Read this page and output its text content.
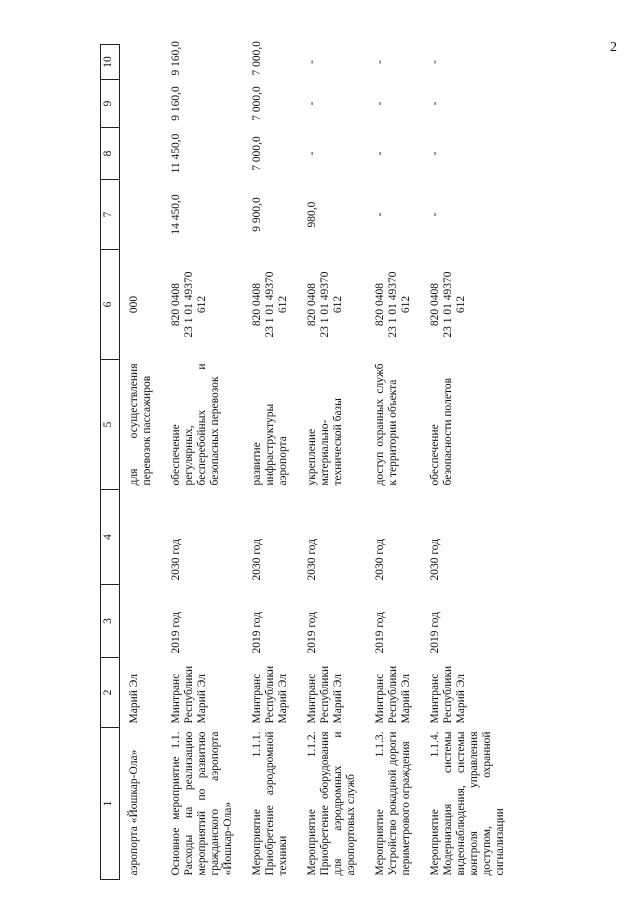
2
1	2	3	4	5	6	7	8	9	10
аэропорта «Йошкар-Ола»	Марий Эл			для осуществления перевозок пассажиров	000				

Основное мероприятие 1.1. Расходы на реализацию мероприятий по развитию гражданского аэропорта «Йошкар-Ола»	Минтранс Республики Марий Эл	2019 год	2030 год	обеспечение регулярных, бесперебойных и безопасных перевозок	820 0408 23 1 01 49370 612	14 450,0	11 450,0	9 160,0	9 160,0
Мероприятие 1.1.1. Приобретение аэродромной техники	Минтранс Республики Марий Эл	2019 год	2030 год	развитие инфраструктуры аэропорта	820 0408 23 1 01 49370 612	9 900,0	7 000,0	7 000,0	7 000,0
Мероприятие 1.1.2. Приобретение оборудования для аэродромных и аэропортовых служб	Минтранс Республики Марий Эл	2019 год	2030 год	укрепление материально-технической базы	820 0408 23 1 01 49370 612	980,0	-	-	-
Мероприятие 1.1.3. Устройство рокадной дороги периметрового ограждения	Минтранс Республики Марий Эл	2019 год	2030 год	доступ охранных служб к территории объекта	820 0408 23 1 01 49370 612	-	-	-	-
Мероприятие 1.1.4. Модернизация системы видеонаблюдения, системы контроля управления доступом, охранной сигнализации	Минтранс Республики Марий Эл	2019 год	2030 год	обеспечение безопасности полетов	820 0408 23 1 01 49370 612	-	-	-	-
